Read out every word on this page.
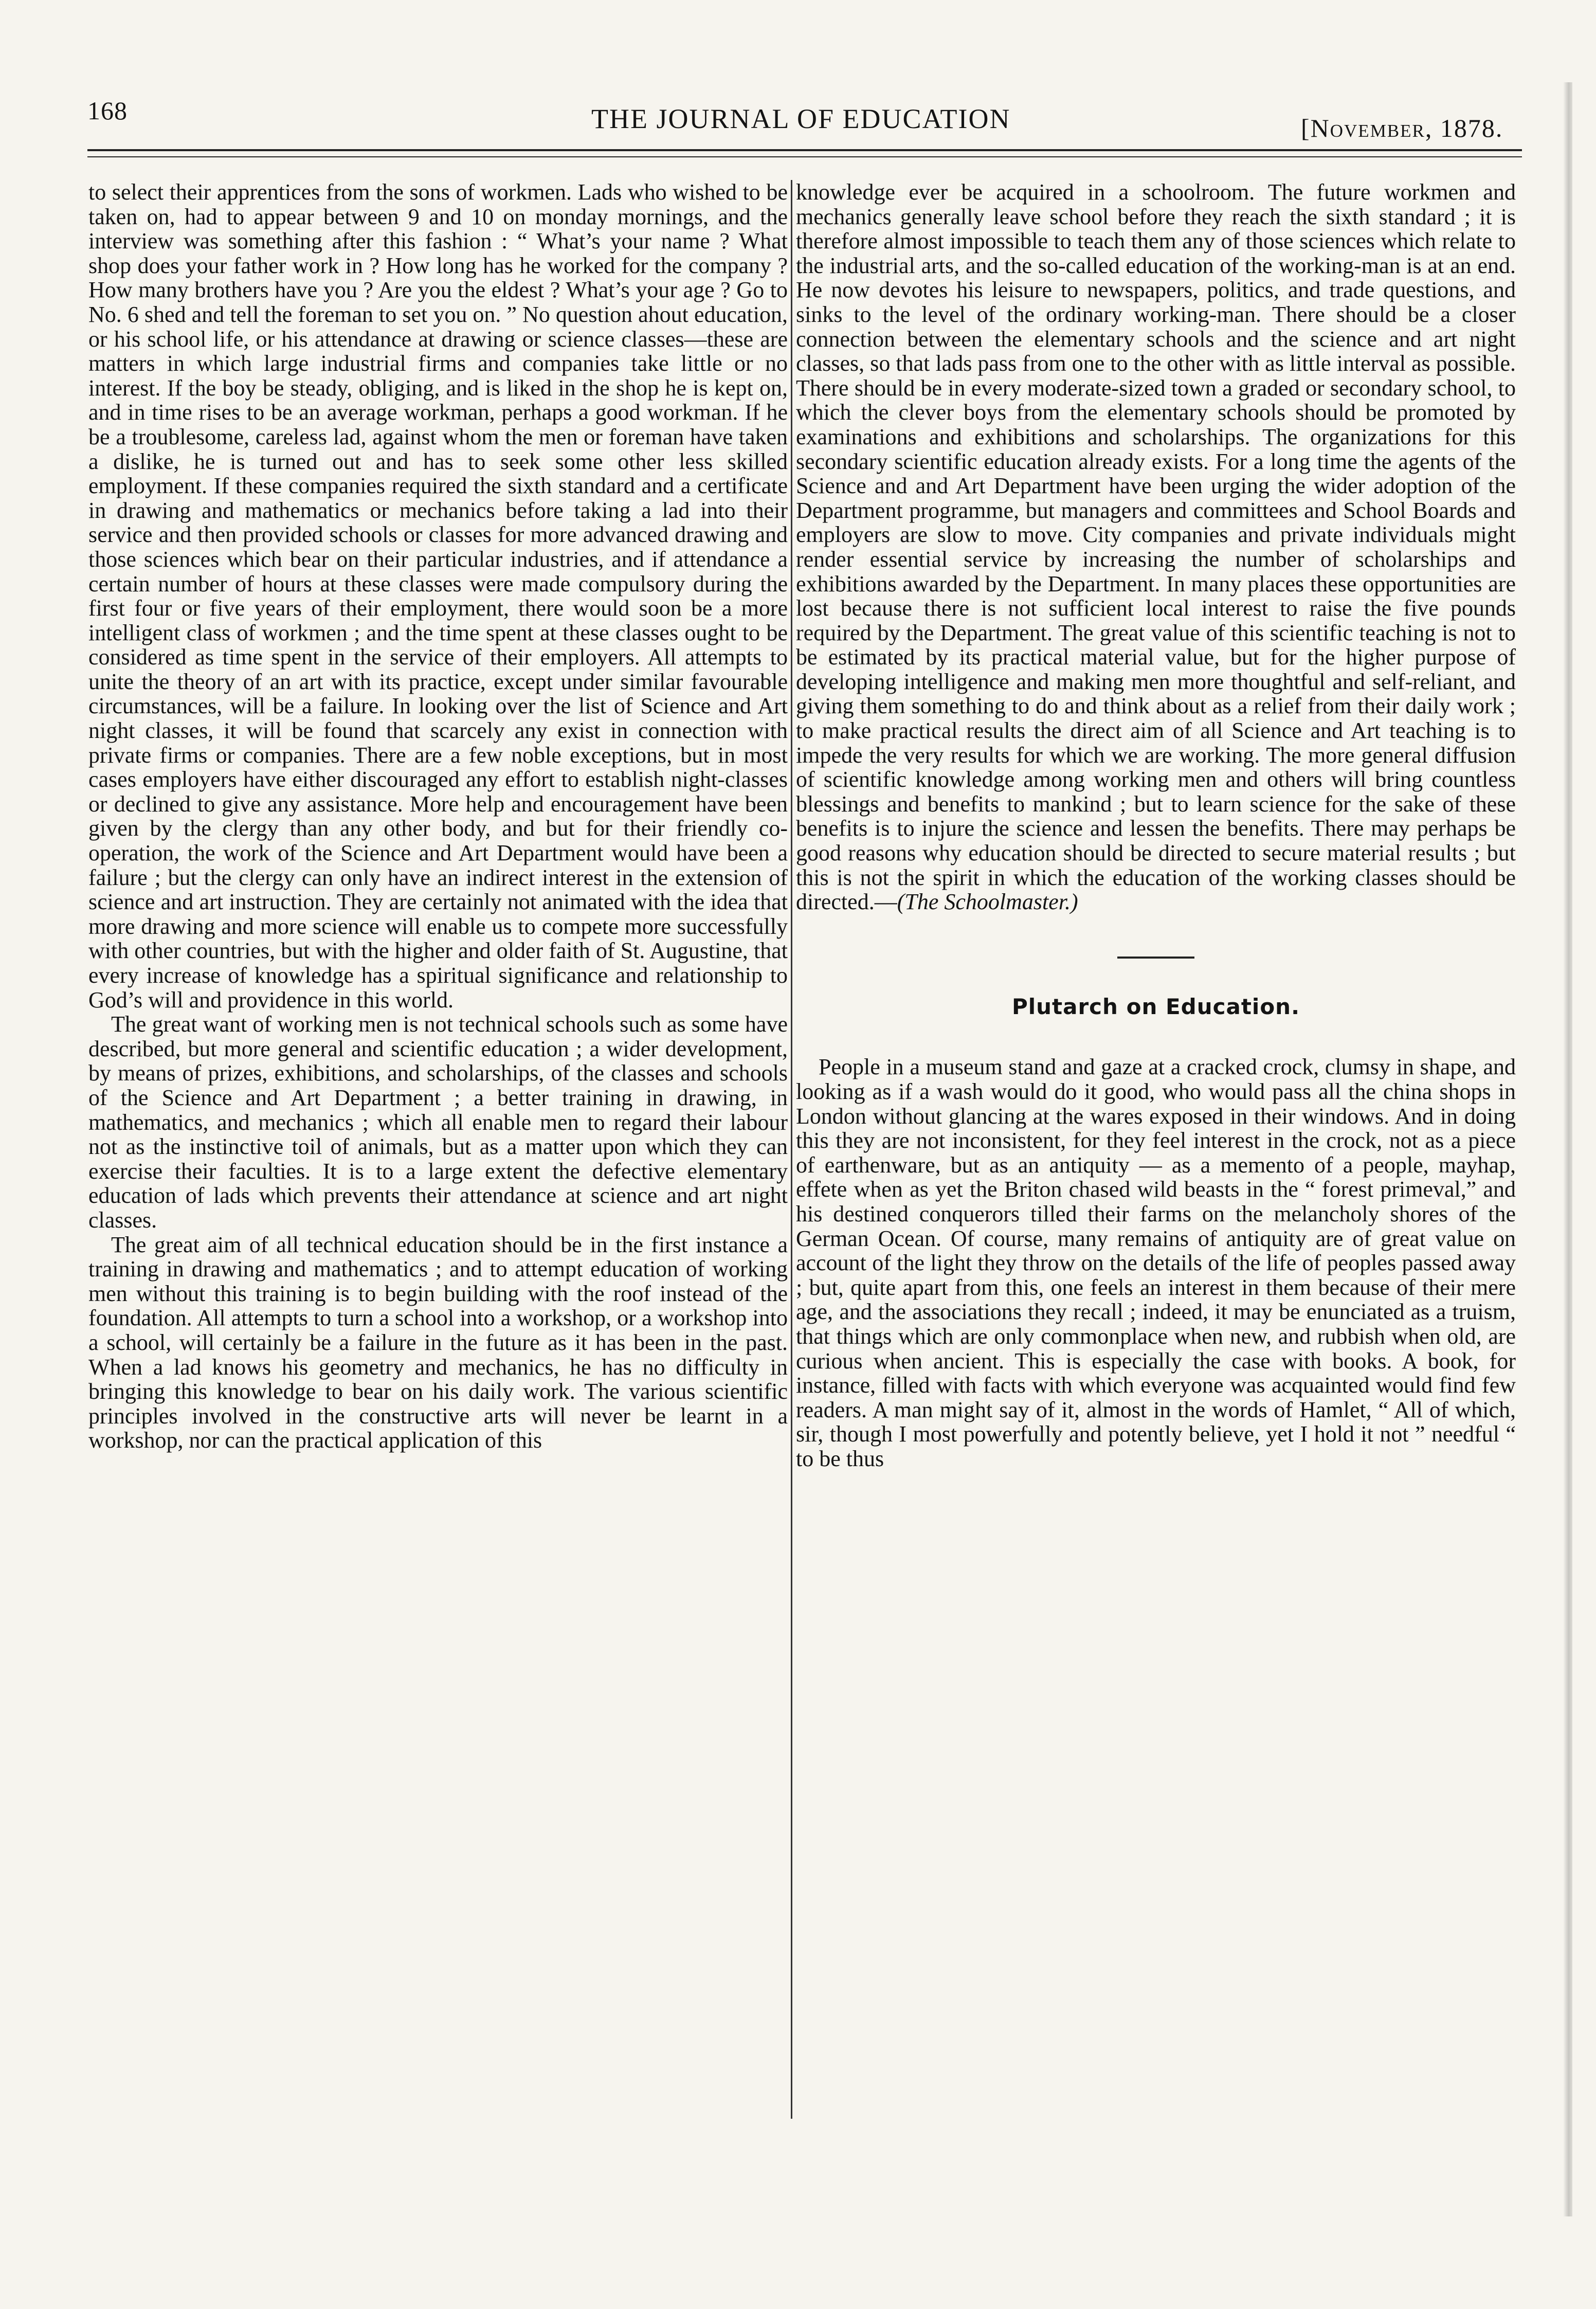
168	THE JOURNAL OF EDUCATION	[November, 1878.

to select their apprentices from the sons of workmen. Lads who wished to be taken on, had to appear between 9 and 10 on monday mornings, and the interview was something after this fashion : “ What’s your name ? What shop does your father work in ? How long has he worked for the company ? How many brothers have you ? Are you the eldest ? What’s your age ? Go to No. 6 shed and tell the foreman to set you on. ” No question ahout education, or his school life, or his attendance at drawing or science classes—these are matters in which large industrial firms and companies take little or no interest. If the boy be steady, obliging, and is liked in the shop he is kept on, and in time rises to be an average workman, perhaps a good workman. If he be a troublesome, careless lad, against whom the men or foreman have taken a dislike, he is turned out and has to seek some other less skilled employment. If these companies required the sixth standard and a certificate in drawing and mathematics or mechanics before taking a lad into their service and then provided schools or classes for more advanced drawing and those sciences which bear on their particular industries, and if attendance a certain number of hours at these classes were made compulsory during the first four or five years of their employment, there would soon be a more intelligent class of workmen ; and the time spent at these classes ought to be considered as time spent in the service of their employers. All attempts to unite the theory of an art with its practice, except under similar favourable circumstances, will be a failure. In looking over the list of Science and Art night classes, it will be found that scarcely any exist in connection with private firms or companies. There are a few noble exceptions, but in most cases employers have either discouraged any effort to establish night-classes or declined to give any assistance. More help and encouragement have been given by the clergy than any other body, and but for their friendly co-operation, the work of the Science and Art Department would have been a failure ; but the clergy can only have an indirect interest in the extension of science and art instruction. They are certainly not animated with the idea that more drawing and more science will enable us to compete more successfully with other countries, but with the higher and older faith of St. Augustine, that every increase of knowledge has a spiritual significance and relationship to God’s will and providence in this world.

The great want of working men is not technical schools such as some have described, but more general and scientific education ; a wider development, by means of prizes, exhibitions, and scholarships, of the classes and schools of the Science and Art Department ; a better training in drawing, in mathematics, and mechanics ; which all enable men to regard their labour not as the instinctive toil of animals, but as a matter upon which they can exercise their faculties. It is to a large extent the defective elementary education of lads which prevents their attendance at science and art night classes.

The great aim of all technical education should be in the first instance a training in drawing and mathematics ; and to attempt education of working men without this training is to begin building with the roof instead of the foundation. All attempts to turn a school into a workshop, or a workshop into a school, will certainly be a failure in the future as it has been in the past. When a lad knows his geometry and mechanics, he has no difficulty in bringing this knowledge to bear on his daily work. The various scientific principles involved in the constructive arts will never be learnt in a workshop, nor can the practical application of this

knowledge ever be acquired in a schoolroom. The future workmen and mechanics generally leave school before they reach the sixth standard ; it is therefore almost impossible to teach them any of those sciences which relate to the industrial arts, and the so-called education of the working-man is at an end. He now devotes his leisure to newspapers, politics, and trade questions, and sinks to the level of the ordinary working-man. There should be a closer connection between the elementary schools and the science and art night classes, so that lads pass from one to the other with as little interval as possible. There should be in every moderate-sized town a graded or secondary school, to which the clever boys from the elementary schools should be promoted by examinations and exhibitions and scholarships. The organizations for this secondary scientific education already exists. For a long time the agents of the Science and and Art Department have been urging the wider adoption of the Department programme, but managers and committees and School Boards and employers are slow to move. City companies and private individuals might render essential service by increasing the number of scholarships and exhibitions awarded by the Department. In many places these opportunities are lost because there is not sufficient local interest to raise the five pounds required by the Department. The great value of this scientific teaching is not to be estimated by its practical material value, but for the higher purpose of developing intelligence and making men more thoughtful and self-reliant, and giving them something to do and think about as a relief from their daily work ; to make practical results the direct aim of all Science and Art teaching is to impede the very results for which we are working. The more general diffusion of scientific knowledge among working men and others will bring countless blessings and benefits to mankind ; but to learn science for the sake of these benefits is to injure the science and lessen the benefits. There may perhaps be good reasons why education should be directed to secure material results ; but this is not the spirit in which the education of the working classes should be directed.—(The Schoolmaster.)

Plutarch on Education.

People in a museum stand and gaze at a cracked crock, clumsy in shape, and looking as if a wash would do it good, who would pass all the china shops in London without glancing at the wares exposed in their windows. And in doing this they are not inconsistent, for they feel interest in the crock, not as a piece of earthenware, but as an antiquity — as a memento of a people, mayhap, effete when as yet the Briton chased wild beasts in the “ forest primeval,” and his destined conquerors tilled their farms on the melancholy shores of the German Ocean. Of course, many remains of antiquity are of great value on account of the light they throw on the details of the life of peoples passed away ; but, quite apart from this, one feels an interest in them because of their mere age, and the associations they recall ; indeed, it may be enunciated as a truism, that things which are only commonplace when new, and rubbish when old, are curious when ancient. This is especially the case with books. A book, for instance, filled with facts with which everyone was acquainted would find few readers. A man might say of it, almost in the words of Hamlet, “ All of which, sir, though I most powerfully and potently believe, yet I hold it not ” needful “ to be thus
